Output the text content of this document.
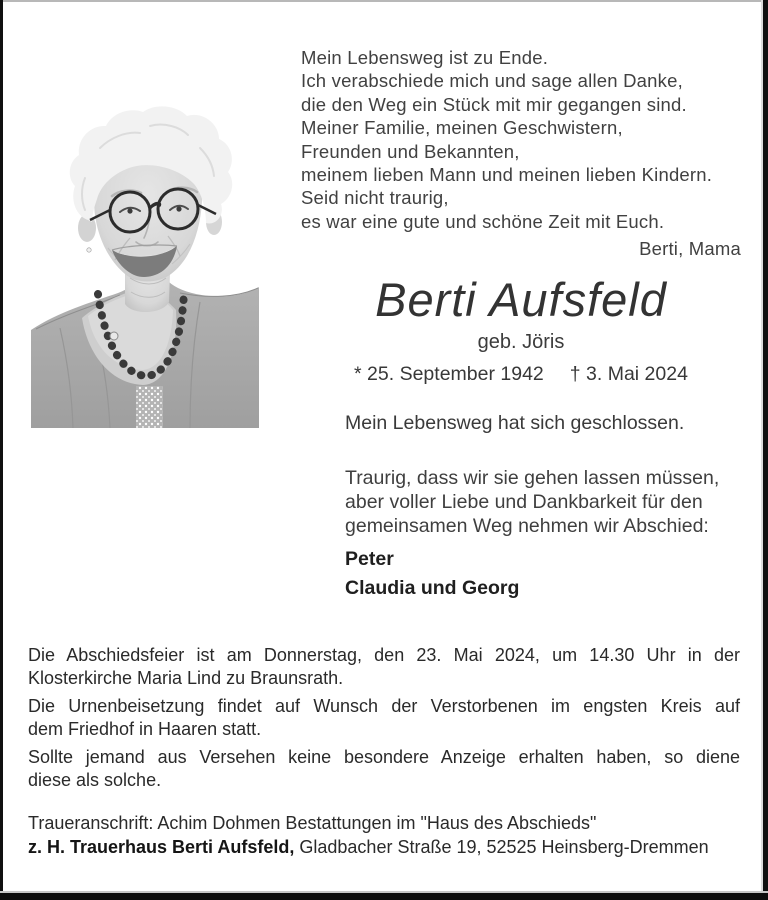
Mein Lebensweg ist zu Ende.
Ich verabschiede mich und sage allen Danke,
die den Weg ein Stück mit mir gegangen sind.
Meiner Familie, meinen Geschwistern,
Freunden und Bekannten,
meinem lieben Mann und meinen lieben Kindern.
Seid nicht traurig,
es war eine gute und schöne Zeit mit Euch.
Berti, Mama
Berti Aufsfeld
geb. Jöris
* 25. September 1942 † 3. Mai 2024
Mein Lebensweg hat sich geschlossen.
Traurig, dass wir sie gehen lassen müssen,
aber voller Liebe und Dankbarkeit für den
gemeinsamen Weg nehmen wir Abschied:
Peter
Claudia und Georg

Die Abschiedsfeier ist am Donnerstag, den 23. Mai 2024, um 14.30 Uhr in der
Klosterkirche Maria Lind zu Braunsrath.

Die Urnenbeisetzung findet auf Wunsch der Verstorbenen im engsten Kreis auf
dem Friedhof in Haaren statt.

Sollte jemand aus Versehen keine besondere Anzeige erhalten haben, so diene
diese als solche.

Traueranschrift: Achim Dohmen Bestattungen im "Haus des Abschieds"
z. H. Trauerhaus Berti Aufsfeld, Gladbacher Straße 19, 52525 Heinsberg-Dremmen
